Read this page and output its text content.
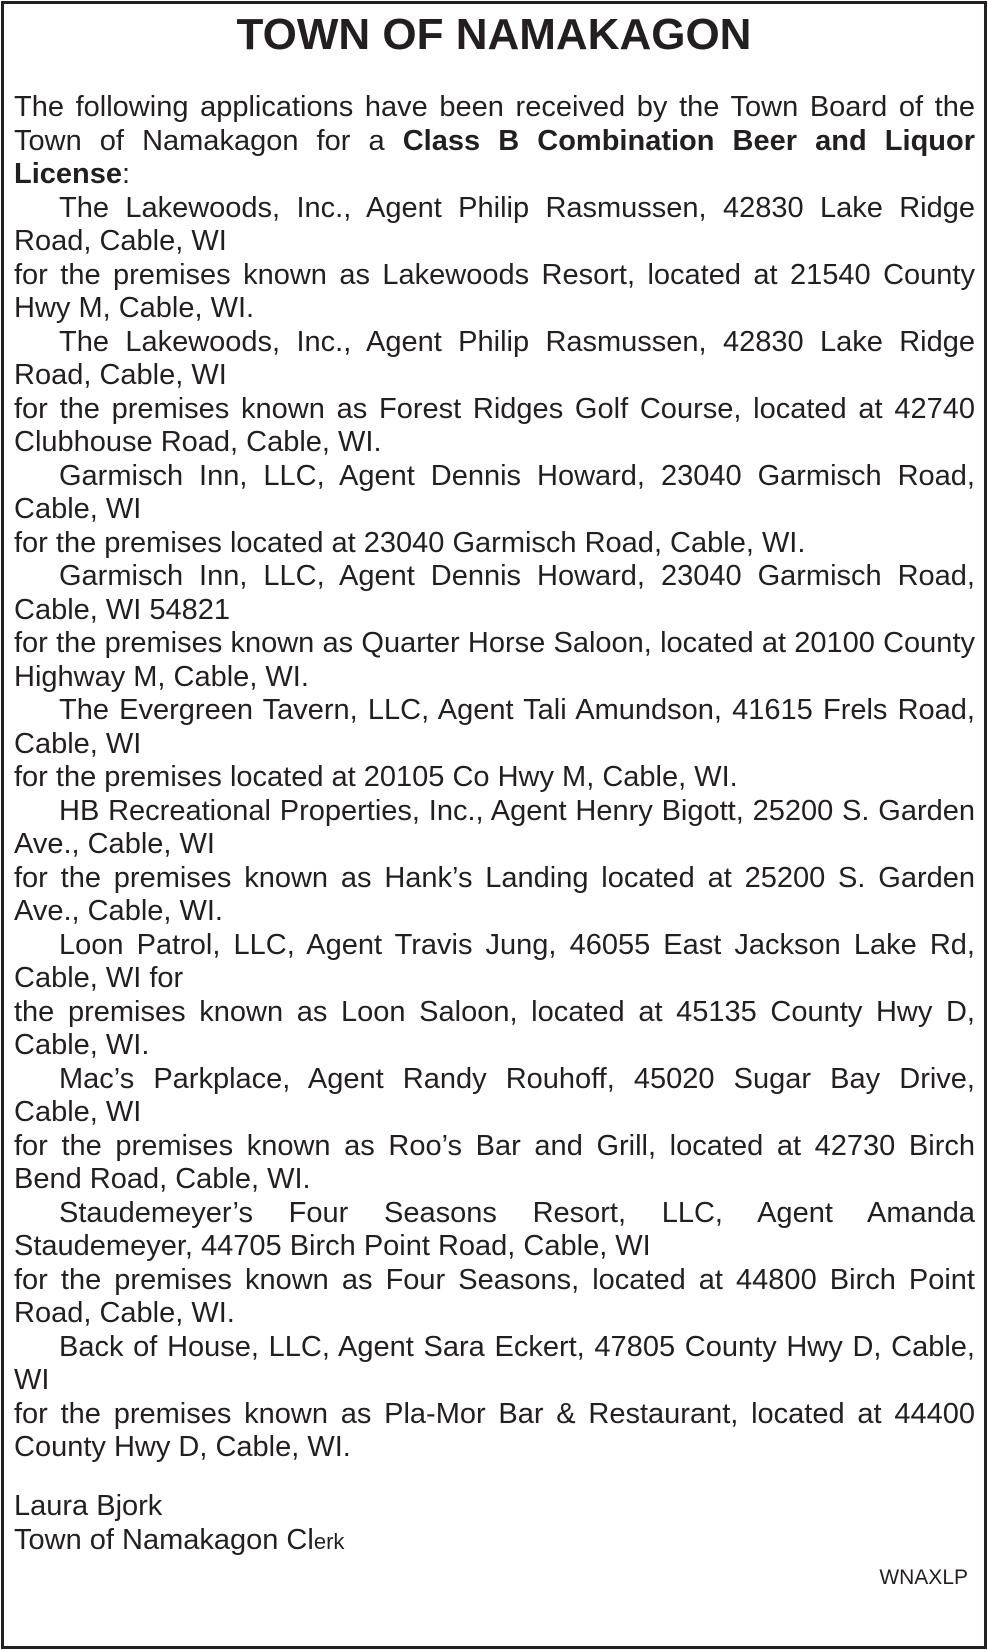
TOWN OF NAMAKAGON

The following applications have been received by the Town Board of the Town of Namakagon for a Class B Combination Beer and Liquor License:

The Lakewoods, Inc., Agent Philip Rasmussen, 42830 Lake Ridge Road, Cable, WI

for the premises known as Lakewoods Resort, located at 21540 County Hwy M, Cable, WI.

The Lakewoods, Inc., Agent Philip Rasmussen, 42830 Lake Ridge Road, Cable, WI

for the premises known as Forest Ridges Golf Course, located at 42740 Clubhouse Road, Cable, WI.

Garmisch Inn, LLC, Agent Dennis Howard, 23040 Garmisch Road, Cable, WI

for the premises located at 23040 Garmisch Road, Cable, WI.

Garmisch Inn, LLC, Agent Dennis Howard, 23040 Garmisch Road, Cable, WI 54821

for the premises known as Quarter Horse Saloon, located at 20100 County Highway M, Cable, WI.

The Evergreen Tavern, LLC, Agent Tali Amundson, 41615 Frels Road, Cable, WI

for the premises located at 20105 Co Hwy M, Cable, WI.

HB Recreational Properties, Inc., Agent Henry Bigott, 25200 S. Garden Ave., Cable, WI

for the premises known as Hank’s Landing located at 25200 S. Garden Ave., Cable, WI.

Loon Patrol, LLC, Agent Travis Jung, 46055 East Jackson Lake Rd, Cable, WI for

the premises known as Loon Saloon, located at 45135 County Hwy D, Cable, WI.

Mac’s Parkplace, Agent Randy Rouhoff, 45020 Sugar Bay Drive, Cable, WI

for the premises known as Roo’s Bar and Grill, located at 42730 Birch Bend Road, Cable, WI.

Staudemeyer’s Four Seasons Resort, LLC, Agent Amanda Staudemeyer, 44705 Birch Point Road, Cable, WI

for the premises known as Four Seasons, located at 44800 Birch Point Road, Cable, WI.

Back of House, LLC, Agent Sara Eckert, 47805 County Hwy D, Cable, WI

for the premises known as Pla-Mor Bar & Restaurant, located at 44400 County Hwy D, Cable, WI.

Laura Bjork
Town of Namakagon Clerk
WNAXLP
